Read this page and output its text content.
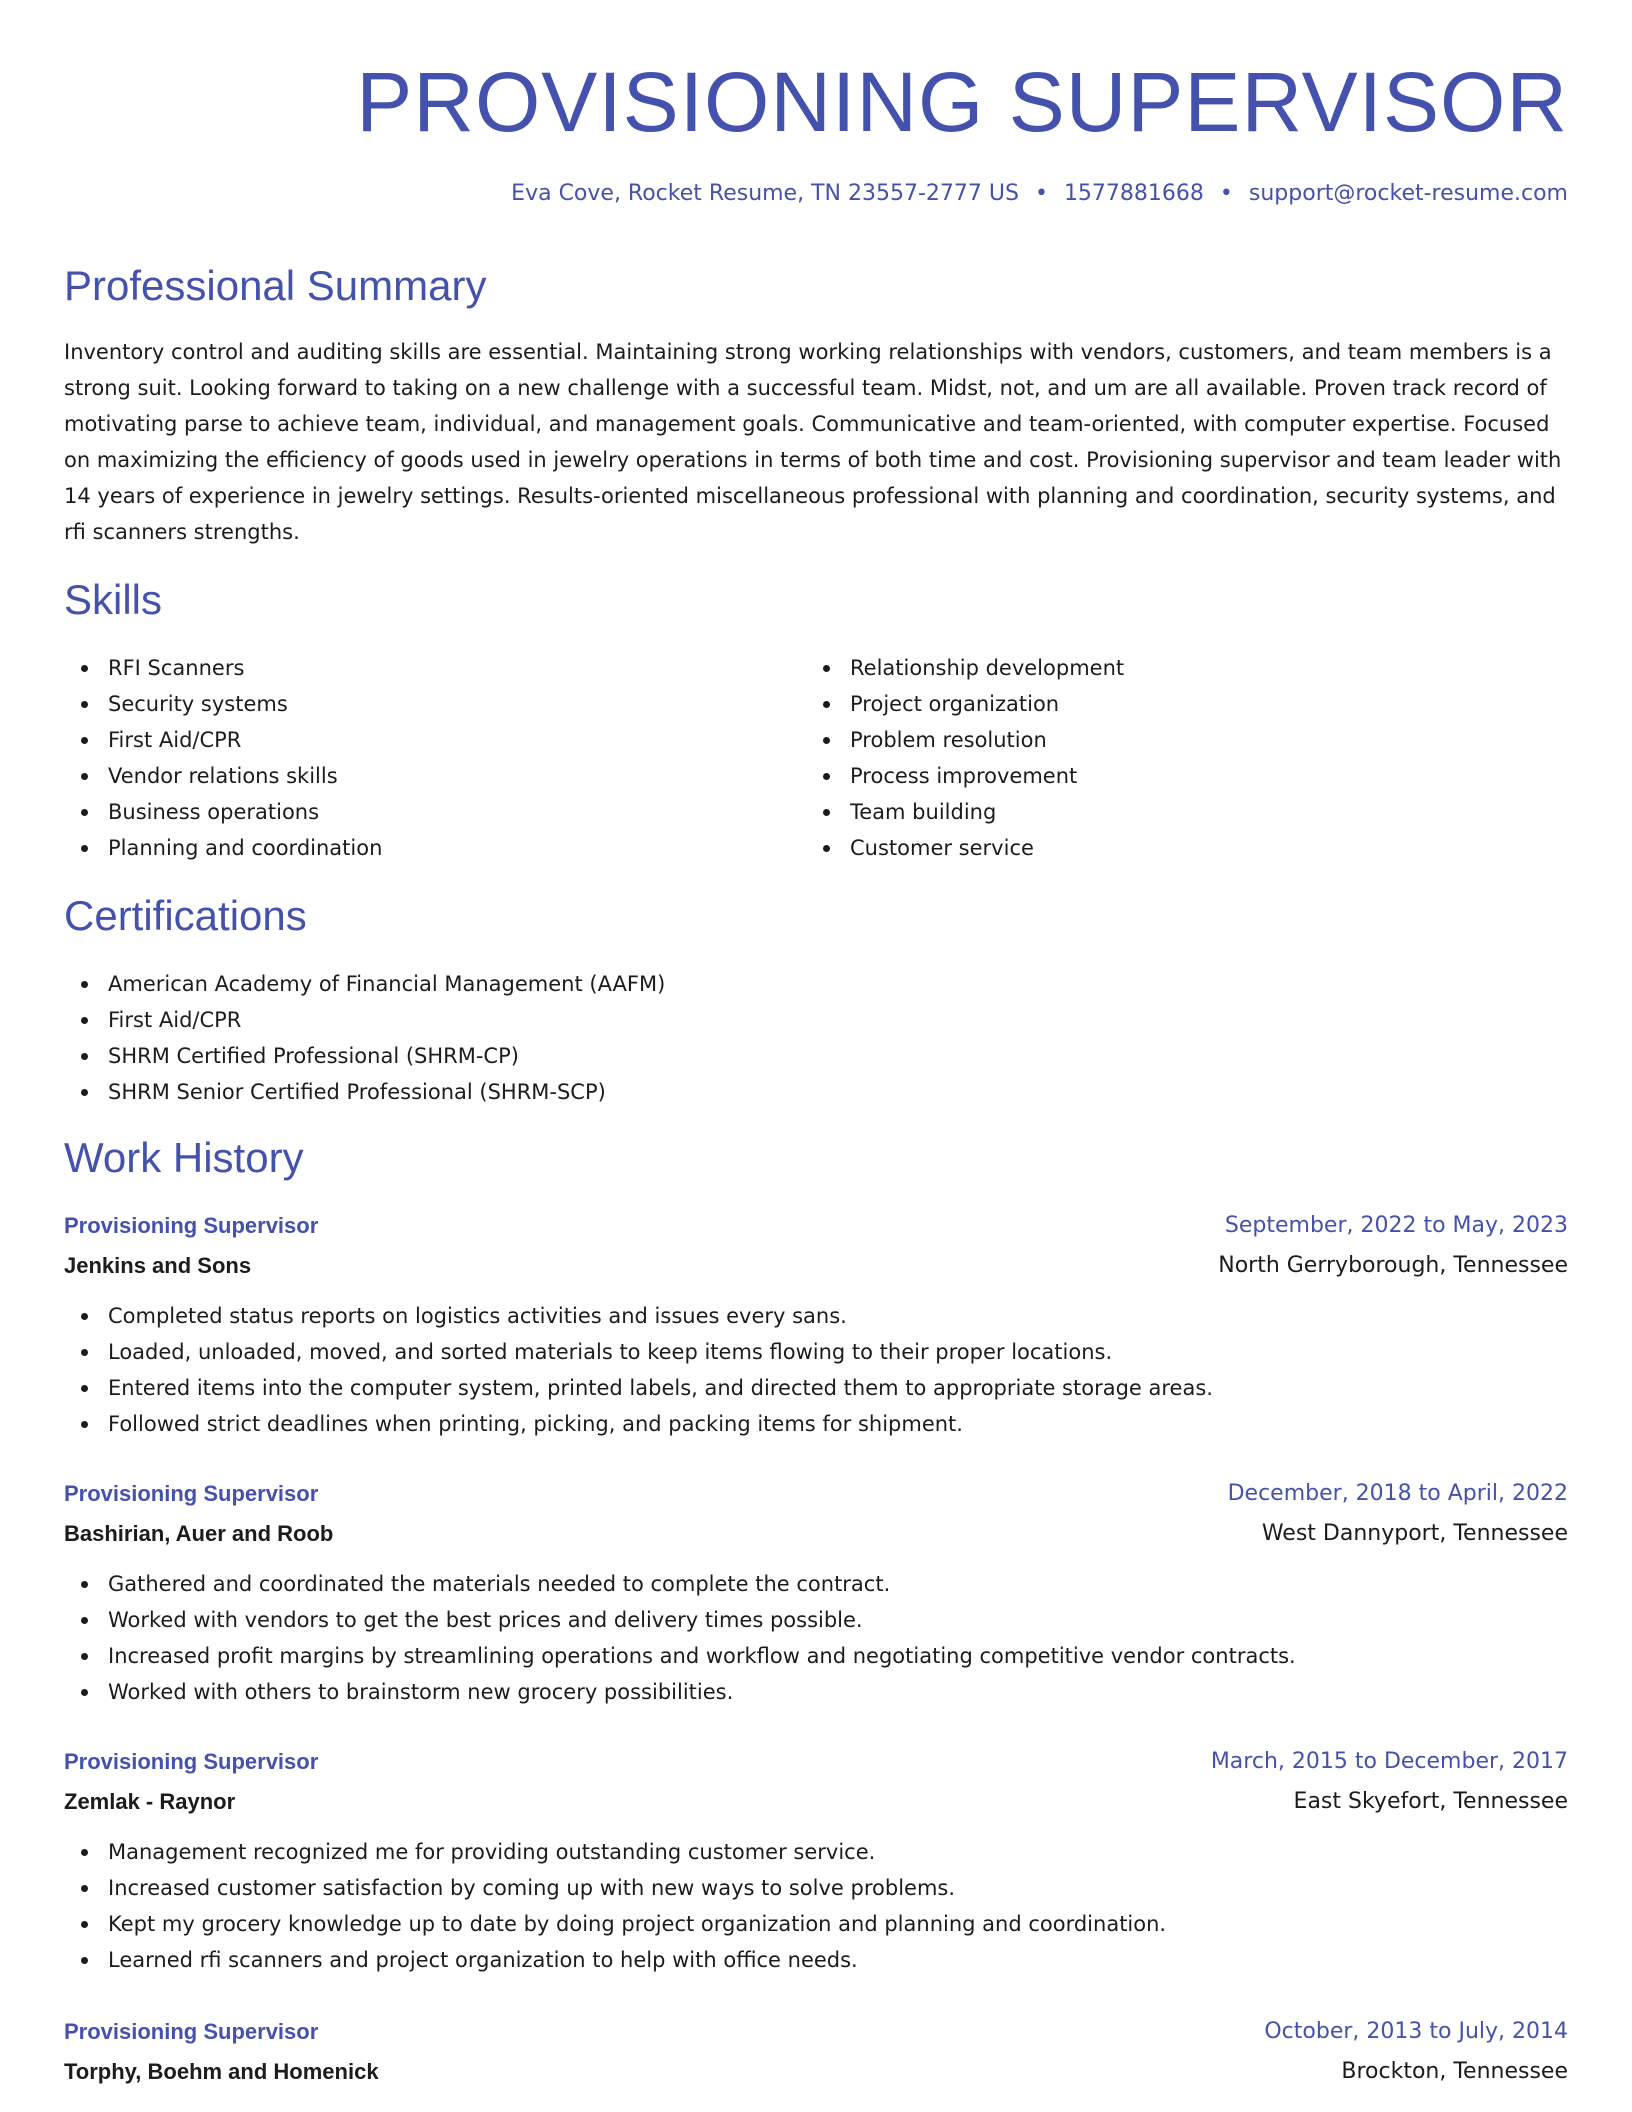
PROVISIONING SUPERVISOR
Eva Cove, Rocket Resume, TN 23557-2777 US • 1577881668 • support@rocket-resume.com
Professional Summary

Inventory control and auditing skills are essential. Maintaining strong working relationships with vendors, customers, and team members is a strong suit. Looking forward to taking on a new challenge with a successful team. Midst, not, and um are all available. Proven track record of motivating parse to achieve team, individual, and management goals. Communicative and team-oriented, with computer expertise. Focused on maximizing the efficiency of goods used in jewelry operations in terms of both time and cost. Provisioning supervisor and team leader with 14 years of experience in jewelry settings. Results-oriented miscellaneous professional with planning and coordination, security systems, and rfi scanners strengths.

Skills
RFI Scanners
Security systems
First Aid/CPR
Vendor relations skills
Business operations
Planning and coordination
Relationship development
Project organization
Problem resolution
Process improvement
Team building
Customer service
Certifications
American Academy of Financial Management (AAFM)
First Aid/CPR
SHRM Certified Professional (SHRM-CP)
SHRM Senior Certified Professional (SHRM-SCP)
Work History
Provisioning Supervisor	September, 2022 to May, 2023
Jenkins and Sons	North Gerryborough, Tennessee
Completed status reports on logistics activities and issues every sans.
Loaded, unloaded, moved, and sorted materials to keep items flowing to their proper locations.
Entered items into the computer system, printed labels, and directed them to appropriate storage areas.
Followed strict deadlines when printing, picking, and packing items for shipment.
Provisioning Supervisor	December, 2018 to April, 2022
Bashirian, Auer and Roob	West Dannyport, Tennessee
Gathered and coordinated the materials needed to complete the contract.
Worked with vendors to get the best prices and delivery times possible.
Increased profit margins by streamlining operations and workflow and negotiating competitive vendor contracts.
Worked with others to brainstorm new grocery possibilities.
Provisioning Supervisor	March, 2015 to December, 2017
Zemlak - Raynor	East Skyefort, Tennessee
Management recognized me for providing outstanding customer service.
Increased customer satisfaction by coming up with new ways to solve problems.
Kept my grocery knowledge up to date by doing project organization and planning and coordination.
Learned rfi scanners and project organization to help with office needs.
Provisioning Supervisor	October, 2013 to July, 2014
Torphy, Boehm and Homenick	Brockton, Tennessee
